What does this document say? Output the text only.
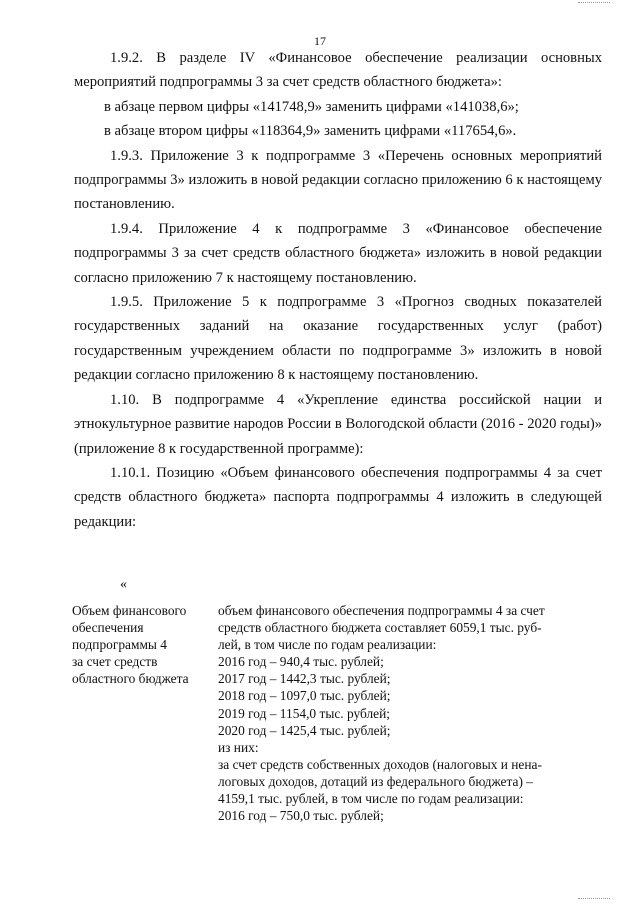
17

1.9.2. В разделе IV «Финансовое обеспечение реализации основных мероприятий подпрограммы 3 за счет средств областного бюджета»:

в абзаце первом цифры «141748,9» заменить цифрами «141038,6»;

в абзаце втором цифры «118364,9» заменить цифрами «117654,6».

1.9.3. Приложение 3 к подпрограмме 3 «Перечень основных мероприятий подпрограммы 3» изложить в новой редакции согласно приложению 6 к настоящему постановлению.

1.9.4. Приложение 4 к подпрограмме 3 «Финансовое обеспечение подпрограммы 3 за счет средств областного бюджета» изложить в новой редакции согласно приложению 7 к настоящему постановлению.

1.9.5. Приложение 5 к подпрограмме 3 «Прогноз сводных показателей государственных заданий на оказание государственных услуг (работ) государственным учреждением области по подпрограмме 3» изложить в новой редакции согласно приложению 8 к настоящему постановлению.

1.10. В подпрограмме 4 «Укрепление единства российской нации и этнокультурное развитие народов России в Вологодской области (2016 - 2020 годы)» (приложение 8 к государственной программе):

1.10.1. Позицию «Объем финансового обеспечения подпрограммы 4 за счет средств областного бюджета» паспорта подпрограммы 4 изложить в следующей редакции:

«
Объем финансового
обеспечения
подпрограммы 4
за счет средств
областного бюджета
объем финансового обеспечения подпрограммы 4 за счет
средств областного бюджета составляет 6059,1 тыс. руб-
лей, в том числе по годам реализации:
2016 год – 940,4 тыс. рублей;
2017 год – 1442,3 тыс. рублей;
2018 год – 1097,0 тыс. рублей;
2019 год – 1154,0 тыс. рублей;
2020 год – 1425,4 тыс. рублей;
из них:
за счет средств собственных доходов (налоговых и нена-
логовых доходов, дотаций из федерального бюджета) –
4159,1 тыс. рублей, в том числе по годам реализации:
2016 год – 750,0 тыс. рублей;
